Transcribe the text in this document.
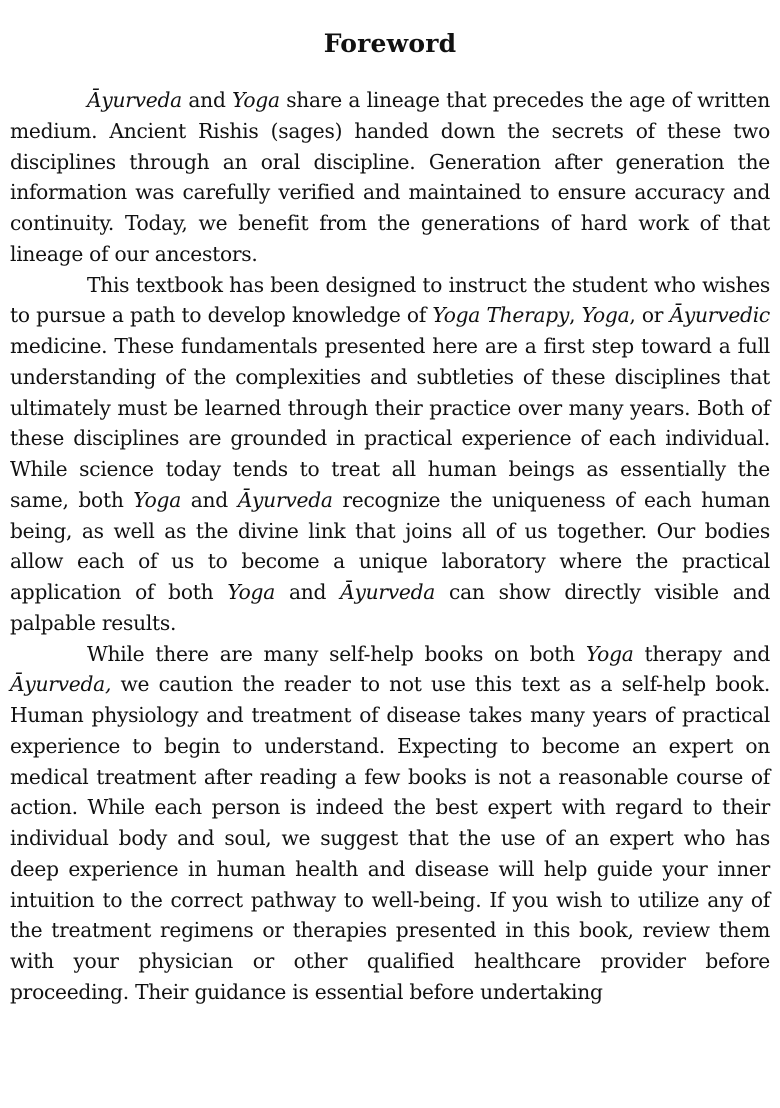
Foreword

Āyurveda and Yoga share a lineage that precedes the age of written medium. Ancient Rishis (sages) handed down the secrets of these two disciplines through an oral discipline. Generation after generation the information was carefully verified and maintained to ensure accuracy and continuity. Today, we benefit from the generations of hard work of that lineage of our ancestors.

This textbook has been designed to instruct the student who wishes to pursue a path to develop knowledge of Yoga Therapy, Yoga, or Āyurvedic medicine. These fundamentals presented here are a first step toward a full understanding of the complexities and subtleties of these disciplines that ultimately must be learned through their practice over many years. Both of these disciplines are grounded in practical experience of each individual. While science today tends to treat all human beings as essentially the same, both Yoga and Āyurveda recognize the uniqueness of each human being, as well as the divine link that joins all of us together. Our bodies allow each of us to become a unique laboratory where the practical application of both Yoga and Āyurveda can show directly visible and palpable results.

While there are many self-help books on both Yoga therapy and Āyurveda, we caution the reader to not use this text as a self-help book. Human physiology and treatment of disease takes many years of practical experience to begin to understand. Expecting to become an expert on medical treatment after reading a few books is not a reasonable course of action. While each person is indeed the best expert with regard to their individual body and soul, we suggest that the use of an expert who has deep experience in human health and disease will help guide your inner intuition to the correct pathway to well-being. If you wish to utilize any of the treatment regimens or therapies presented in this book, review them with your physician or other qualified healthcare provider before proceeding. Their guidance is essential before undertaking
